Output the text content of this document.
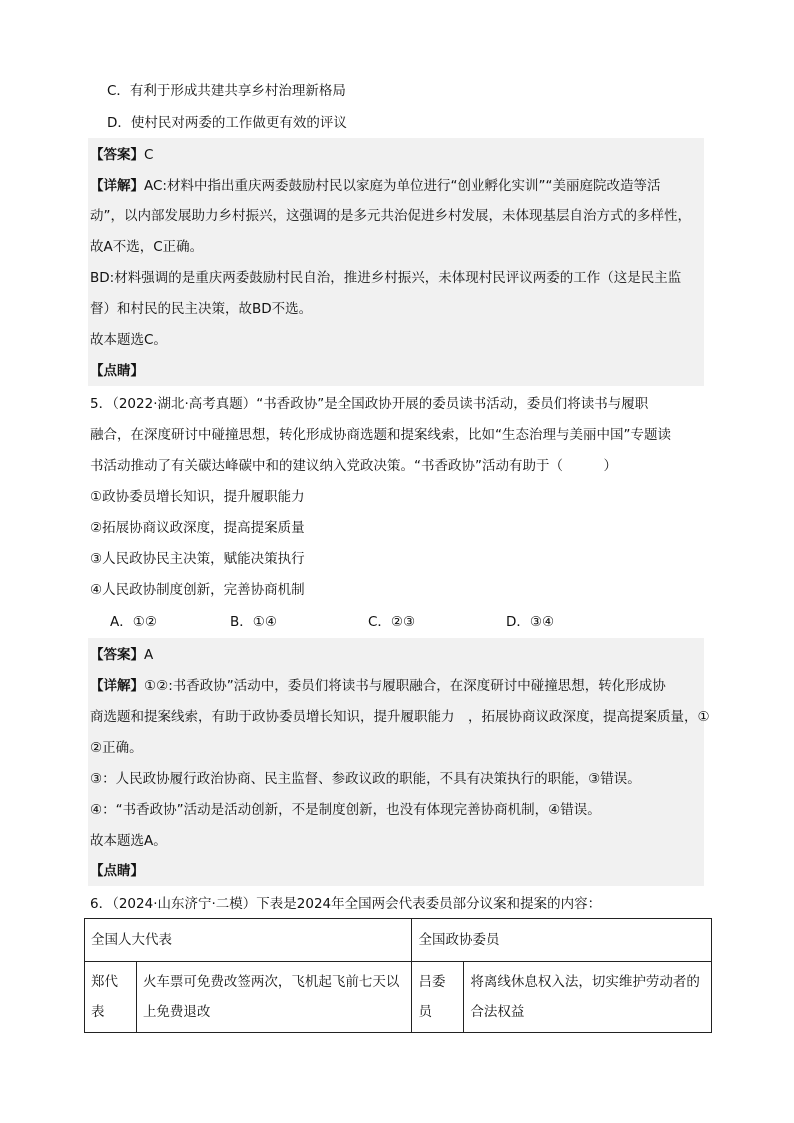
C．有利于形成共建共享乡村治理新格局
D．使村民对两委的工作做更有效的评议
【答案】C
【详解】AC:材料中指出重庆两委鼓励村民以家庭为单位进行“创业孵化实训”“美丽庭院改造等活
动”，以内部发展助力乡村振兴，这强调的是多元共治促进乡村发展，未体现基层自治方式的多样性，
故A不选，C正确。
BD:材料强调的是重庆两委鼓励村民自治，推进乡村振兴，未体现村民评议两委的工作（这是民主监
督）和村民的民主决策，故BD不选。
故本题选C。
【点睛】
5．（2022·湖北·高考真题）“书香政协”是全国政协开展的委员读书活动，委员们将读书与履职
融合，在深度研讨中碰撞思想，转化形成协商选题和提案线索，比如“生态治理与美丽中国”专题读
书活动推动了有关碳达峰碳中和的建议纳入党政决策。“书香政协”活动有助于（　　　）
①政协委员增长知识，提升履职能力
②拓展协商议政深度，提高提案质量
③人民政协民主决策，赋能决策执行
④人民政协制度创新，完善协商机制
A．①②	B．①④	C．②③	D．③④
【答案】A
【详解】①②:书香政协”活动中，委员们将读书与履职融合，在深度研讨中碰撞思想，转化形成协
商选题和提案线索，有助于政协委员增长知识，提升履职能力　，拓展协商议政深度，提高提案质量，①
②正确。
③：人民政协履行政治协商、民主监督、参政议政的职能，不具有决策执行的职能，③错误。
④：“书香政协”活动是活动创新，不是制度创新，也没有体现完善协商机制，④错误。
故本题选A。
【点睛】
6．（2024·山东济宁·二模）下表是2024年全国两会代表委员部分议案和提案的内容：
全国人大代表		全国政协委员	
郑代表	火车票可免费改签两次，飞机起飞前七天以上免费退改	吕委员	将离线休息权入法，切实维护劳动者的合法权益
